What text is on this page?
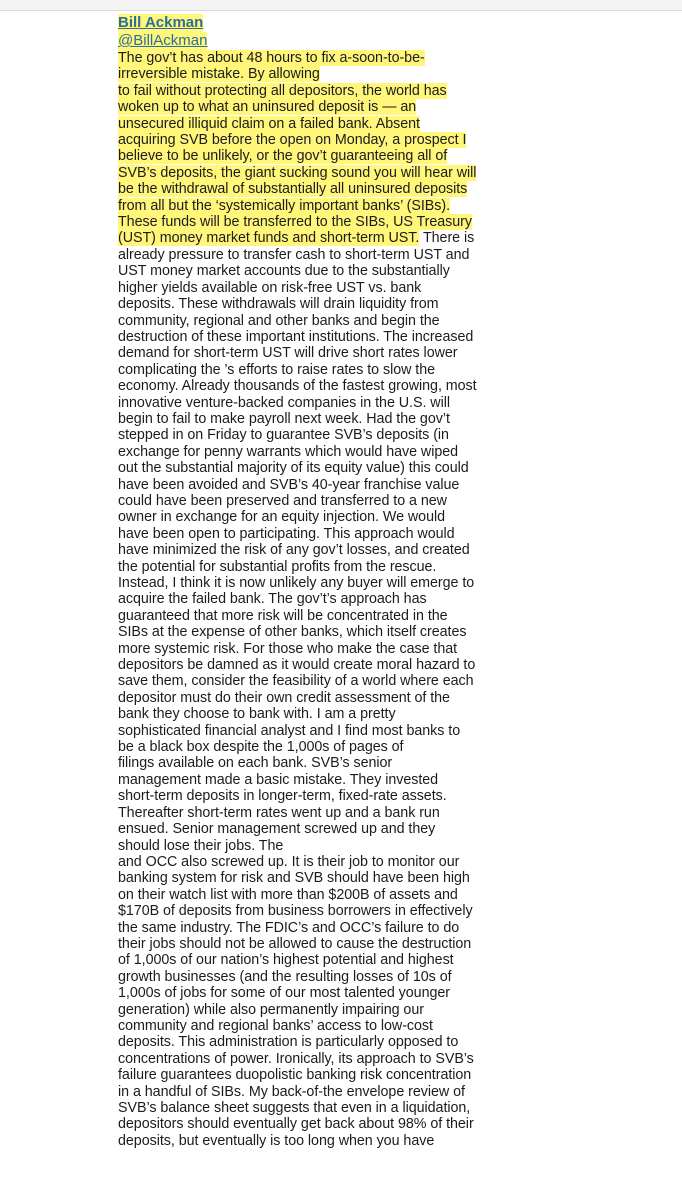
Bill Ackman
@BillAckman
The gov’t has about 48 hours to fix a-soon-to-be-
irreversible mistake. By allowing
to fail without protecting all depositors, the world has
woken up to what an uninsured deposit is — an
unsecured illiquid claim on a failed bank. Absent
acquiring SVB before the open on Monday, a prospect I
believe to be unlikely, or the gov’t guaranteeing all of
SVB’s deposits, the giant sucking sound you will hear will
be the withdrawal of substantially all uninsured deposits
from all but the ‘systemically important banks’ (SIBs).
These funds will be transferred to the SIBs, US Treasury
(UST) money market funds and short-term UST. There is
already pressure to transfer cash to short-term UST and
UST money market accounts due to the substantially
higher yields available on risk-free UST vs. bank
deposits. These withdrawals will drain liquidity from
community, regional and other banks and begin the
destruction of these important institutions. The increased
demand for short-term UST will drive short rates lower
complicating the ’s efforts to raise rates to slow the
economy. Already thousands of the fastest growing, most
innovative venture-backed companies in the U.S. will
begin to fail to make payroll next week. Had the gov’t
stepped in on Friday to guarantee SVB’s deposits (in
exchange for penny warrants which would have wiped
out the substantial majority of its equity value) this could
have been avoided and SVB’s 40-year franchise value
could have been preserved and transferred to a new
owner in exchange for an equity injection. We would
have been open to participating. This approach would
have minimized the risk of any gov’t losses, and created
the potential for substantial profits from the rescue.
Instead, I think it is now unlikely any buyer will emerge to
acquire the failed bank. The gov’t’s approach has
guaranteed that more risk will be concentrated in the
SIBs at the expense of other banks, which itself creates
more systemic risk. For those who make the case that
depositors be damned as it would create moral hazard to
save them, consider the feasibility of a world where each
depositor must do their own credit assessment of the
bank they choose to bank with. I am a pretty
sophisticated financial analyst and I find most banks to
be a black box despite the 1,000s of pages of
filings available on each bank. SVB’s senior
management made a basic mistake. They invested
short-term deposits in longer-term, fixed-rate assets.
Thereafter short-term rates went up and a bank run
ensued. Senior management screwed up and they
should lose their jobs. The
and OCC also screwed up. It is their job to monitor our
banking system for risk and SVB should have been high
on their watch list with more than $200B of assets and
$170B of deposits from business borrowers in effectively
the same industry. The FDIC’s and OCC’s failure to do
their jobs should not be allowed to cause the destruction
of 1,000s of our nation’s highest potential and highest
growth businesses (and the resulting losses of 10s of
1,000s of jobs for some of our most talented younger
generation) while also permanently impairing our
community and regional banks’ access to low-cost
deposits. This administration is particularly opposed to
concentrations of power. Ironically, its approach to SVB’s
failure guarantees duopolistic banking risk concentration
in a handful of SIBs. My back-of-the envelope review of
SVB’s balance sheet suggests that even in a liquidation,
depositors should eventually get back about 98% of their
deposits, but eventually is too long when you have
